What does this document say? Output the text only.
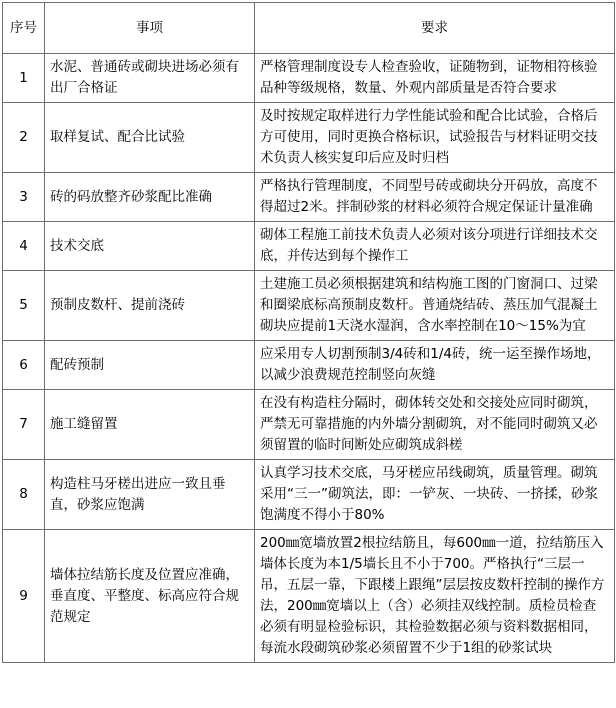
序号	事项	要求
1	水泥、普通砖或砌块进场必须有出厂合格证	严格管理制度设专人检查验收，证随物到，证物相符核验品种等级规格，数量、外观内部质量是否符合要求
2	取样复试、配合比试验	及时按规定取样进行力学性能试验和配合比试验，合格后方可使用，同时更换合格标识，试验报告与材料证明交技术负责人核实复印后应及时归档
3	砖的码放整齐砂浆配比准确	严格执行管理制度，不同型号砖或砌块分开码放，高度不得超过2米。拌制砂浆的材料必须符合规定保证计量准确
4	技术交底	砌体工程施工前技术负责人必须对该分项进行详细技术交底，并传达到每个操作工
5	预制皮数杆、提前浇砖	土建施工员必须根据建筑和结构施工图的门窗洞口、过梁和圈梁底标高预制皮数杆。普通烧结砖、蒸压加气混凝土砌块应提前1天浇水湿润，含水率控制在10～15%为宜
6	配砖预制	应采用专人切割预制3/4砖和1/4砖，统一运至操作场地，以减少浪费规范控制竖向灰缝
7	施工缝留置	在没有构造柱分隔时，砌体转交处和交接处应同时砌筑，严禁无可靠措施的内外墙分割砌筑，对不能同时砌筑又必须留置的临时间断处应砌筑成斜槎
8	构造柱马牙槎出进应一致且垂直，砂浆应饱满	认真学习技术交底，马牙槎应吊线砌筑，质量管理。砌筑采用“三一”砌筑法，即：一铲灰、一块砖、一挤揉，砂浆饱满度不得小于80%
9	墙体拉结筋长度及位置应准确，垂直度、平整度、标高应符合规范规定	200㎜宽墙放置2根拉结筋且，每600㎜一道，拉结筋压入墙体长度为本1/5墙长且不小于700。严格执行“三层一吊，五层一靠，下跟楼上跟绳”层层按皮数杆控制的操作方法，200㎜宽墙以上（含）必须挂双线控制。质检员检查必须有明显检验标识，其检验数据必须与资料数据相同，每流水段砌筑砂浆必须留置不少于1组的砂浆试块
